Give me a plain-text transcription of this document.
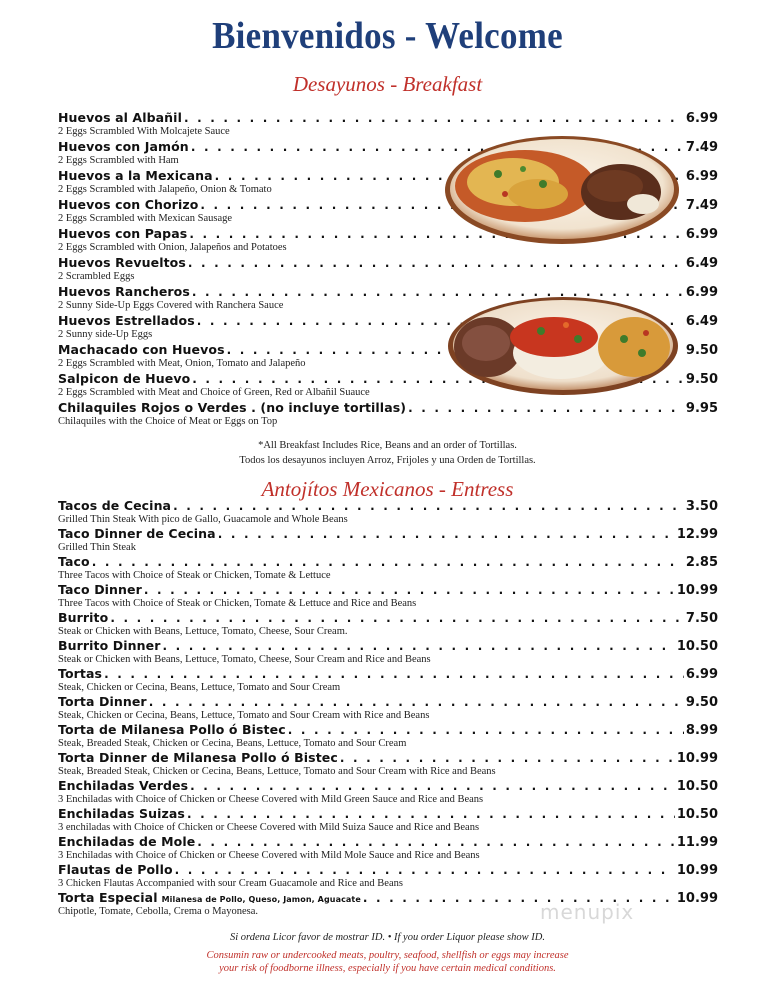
Bienvenidos - Welcome
Desayunos - Breakfast
Huevos al Albañil . . .	6.99
2 Eggs Scrambled With Molcajete Sauce
Huevos con Jamón . . .	7.49
2 Eggs Scrambled with Ham
Huevos a la Mexicana . . .	6.99
2 Eggs Scrambled with Jalapeño, Onion & Tomato
Huevos con Chorizo . . .	7.49
2 Eggs Scrambled with Mexican Sausage
Huevos con Papas . . .	6.99
2 Eggs Scrambled with Onion, Jalapeños and Potatoes
Huevos Revueltos . . .	6.49
2 Scrambled Eggs
Huevos Rancheros . . .	6.99
2 Sunny Side-Up Eggs Covered with Ranchera Sauce
Huevos Estrellados . . .	6.49
2 Sunny side-Up Eggs
Machacado con Huevos . . .	9.50
2 Eggs Scrambled with Meat, Onion, Tomato and Jalapeño
Salpicon de Huevo . . .	9.50
2 Eggs Scrambled with Meat and Choice of Green, Red or Albañil Suauce
Chilaquiles Rojos o Verdes . (no incluye tortillas) . . .	9.95
Chilaquiles with the Choice of Meat or Eggs on Top
*All Breakfast Includes Rice, Beans and an order of Tortillas.
Todos los desayunos incluyen Arroz, Frijoles y una Orden de Tortillas.
Antojítos Mexicanos - Entress
Tacos de Cecina . . .	3.50
Grilled Thin Steak With pico de Gallo, Guacamole and Whole Beans
Taco Dinner de Cecina . . .	12.99
Grilled Thin Steak
Taco . . .	2.85
Three Tacos with Choice of Steak or Chicken, Tomate & Lettuce
Taco Dinner . . .	10.99
Three Tacos with Choice of Steak or Chicken, Tomate & Lettuce and Rice and Beans
Burrito . . .	7.50
Steak or Chicken with Beans, Lettuce, Tomato, Cheese, Sour Cream.
Burrito Dinner . . .	10.50
Steak or Chicken with Beans, Lettuce, Tomato, Cheese, Sour Cream and Rice and Beans
Tortas . . .	6.99
Steak, Chicken or Cecina, Beans, Lettuce, Tomato and Sour Cream
Torta Dinner . . .	9.50
Steak, Chicken or Cecina, Beans, Lettuce, Tomato and Sour Cream with Rice and Beans
Torta de Milanesa Pollo ó Bistec . . .	8.99
Steak, Breaded Steak, Chicken or Cecina, Beans, Lettuce, Tomato and Sour Cream
Torta Dinner de Milanesa Pollo ó Bistec . . .	10.99
Steak, Breaded Steak, Chicken or Cecina, Beans, Lettuce, Tomato and Sour Cream with Rice and Beans
Enchiladas Verdes . . .	10.50
3 Enchiladas with Choice of Chicken or Cheese Covered with Mild Green Sauce and Rice and Beans
Enchiladas Suizas . . .	10.50
3 enchiladas with Choice of Chicken or Cheese Covered with Mild Suiza Sauce and Rice and Beans
Enchiladas de Mole . . .	11.99
3 Enchiladas with Choice of Chicken or Cheese Covered with Mild Mole Sauce and Rice and Beans
Flautas de Pollo . . .	10.99
3 Chicken Flautas Accompanied with sour Cream Guacamole and Rice and Beans
Torta Especial Milanesa de Pollo, Queso, Jamon, Aguacate . . .	10.99
Chipotle, Tomate, Cebolla, Crema o Mayonesa.
Si ordena Licor favor de mostrar ID. • If you order Liquor please show ID.
Consumin raw or undercooked meats, poultry, seafood, shellfish or eggs may increase
your risk of foodborne illness, especially if you have certain medical conditions.
menupix
